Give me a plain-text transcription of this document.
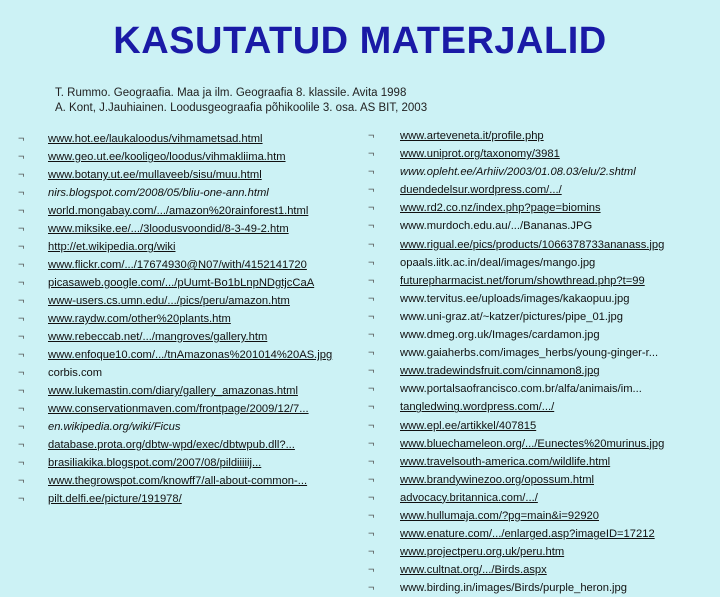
KASUTATUD MATERJALID
T. Rummo. Geograafia. Maa ja ilm. Geograafia 8. klassile. Avita 1998
A. Kont, J.Jauhiainen. Loodusgeograafia põhikoolile 3. osa. AS BIT, 2003
¬ www.hot.ee/laukaloodus/vihmametsad.html
¬ www.geo.ut.ee/kooligeo/loodus/vihmakliima.htm
¬ www.botany.ut.ee/mullaveeb/sisu/muu.html
¬ nirs.blogspot.com/2008/05/bliu-one-ann.html
¬ world.mongabay.com/.../amazon%20rainforest1.html
¬ www.miksike.ee/.../3loodusvoondid/8-3-49-2.htm
¬ http://et.wikipedia.org/wiki
¬ www.flickr.com/.../17674930@N07/with/4152141720
¬ picasaweb.google.com/.../pUumt-Bo1bLnpNDgtjcCaA
¬ www-users.cs.umn.edu/.../pics/peru/amazon.htm
¬ www.raydw.com/other%20plants.htm
¬ www.rebeccab.net/.../mangroves/gallery.htm
¬ www.enfoque10.com/.../tnAmazonas%201014%20AS.jpg
¬ corbis.com
¬ www.lukemastin.com/diary/gallery_amazonas.html
¬ www.conservationmaven.com/frontpage/2009/12/7...
¬ en.wikipedia.org/wiki/Ficus
¬ database.prota.org/dbtw-wpd/exec/dbtwpub.dll?...
¬ brasiliakika.blogspot.com/2007/08/pildiiiiij...
¬ www.thegrowspot.com/knowff7/all-about-common-...
¬ pilt.delfi.ee/picture/191978/
¬ www.arteveneta.it/profile.php
¬ www.uniprot.org/taxonomy/3981
¬ www.opleht.ee/Arhiiv/2003/01.08.03/elu/2.shtml
¬ duendedelsur.wordpress.com/.../
¬ www.rd2.co.nz/index.php?page=biomins
¬ www.murdoch.edu.au/.../Bananas.JPG
¬ www.rigual.ee/pics/products/1066378733ananass.jpg
¬ opaals.iitk.ac.in/deal/images/mango.jpg
¬ futurepharmacist.net/forum/showthread.php?t=99
¬ www.tervitus.ee/uploads/images/kakaopuu.jpg
¬ www.uni-graz.at/~katzer/pictures/pipe_01.jpg
¬ www.dmeg.org.uk/Images/cardamon.jpg
¬ www.gaiaherbs.com/images_herbs/young-ginger-r...
¬ www.tradewindsfruit.com/cinnamon8.jpg
¬ www.portalsaofrancisco.com.br/alfa/animais/im...
¬ tangledwing.wordpress.com/.../
¬ www.epl.ee/artikkel/407815
¬ www.bluechameleon.org/.../Eunectes%20murinus.jpg
¬ www.travelsouth-america.com/wildlife.html
¬ www.brandywinezoo.org/opossum.html
¬ advocacy.britannica.com/.../
¬ www.hullumaja.com/?pg=main&i=92920
¬ www.enature.com/.../enlarged.asp?imageID=17212
¬ www.projectperu.org.uk/peru.htm
¬ www.cultnat.org/.../Birds.aspx
¬ www.birding.in/images/Birds/purple_heron.jpg
